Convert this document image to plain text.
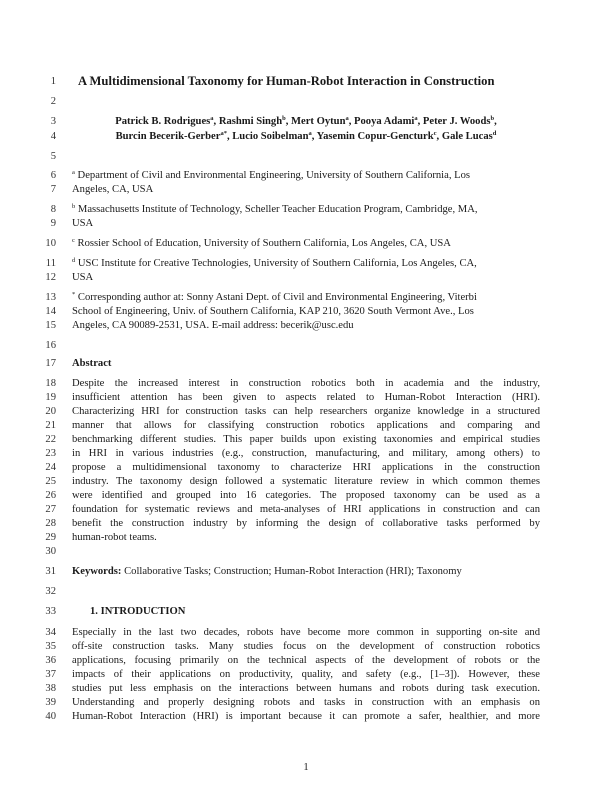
1
2
3
4
5
6
7
8
9
10
11
12
13
14
15
16
17
18
19
20
21
22
23
24
25
26
27
28
29
30
31
32
33
34
35
36
37
38
39
40
A Multidimensional Taxonomy for Human-Robot Interaction in Construction
Patrick B. Rodrigues$^a$, Rashmi Singh$^b$, Mert Oytun$^a$, Pooya Adami$^a$, Peter J. Woods$^b$,
Burcin Becerik-Gerber$^{a*}$, Lucio Soibelman$^a$, Yasemin Copur-Gencturk$^c$, Gale Lucas$^d$
$^a$ Department of Civil and Environmental Engineering, University of Southern California, Los
Angeles, CA, USA
$^b$ Massachusetts Institute of Technology, Scheller Teacher Education Program, Cambridge, MA,
USA
$^c$ Rossier School of Education, University of Southern California, Los Angeles, CA, USA
$^d$ USC Institute for Creative Technologies, University of Southern California, Los Angeles, CA,
USA
* Corresponding author at: Sonny Astani Dept. of Civil and Environmental Engineering, Viterbi
School of Engineering, Univ. of Southern California, KAP 210, 3620 South Vermont Ave., Los
Angeles, CA 90089-2531, USA. E-mail address: becerik@usc.edu
Abstract
Despite the increased interest in construction robotics both in academia and the industry,
insufficient attention has been given to aspects related to Human-Robot Interaction (HRI).
Characterizing HRI for construction tasks can help researchers organize knowledge in a structured
manner that allows for classifying construction robotics applications and comparing and
benchmarking different studies. This paper builds upon existing taxonomies and empirical studies
in HRI in various industries (e.g., construction, manufacturing, and military, among others) to
propose a multidimensional taxonomy to characterize HRI applications in the construction
industry. The taxonomy design followed a systematic literature review in which common themes
were identified and grouped into 16 categories. The proposed taxonomy can be used as a
foundation for systematic reviews and meta-analyses of HRI applications in construction and can
benefit the construction industry by informing the design of collaborative tasks performed by
human-robot teams.
Keywords: Collaborative Tasks; Construction; Human-Robot Interaction (HRI); Taxonomy
1. INTRODUCTION
Especially in the last two decades, robots have become more common in supporting on-site and
off-site construction tasks. Many studies focus on the development of construction robotics
applications, focusing primarily on the technical aspects of the development of robots or the
impacts of their applications on productivity, quality, and safety (e.g., [1–3]). However, these
studies put less emphasis on the interactions between humans and robots during task execution.
Understanding and properly designing robots and tasks in construction with an emphasis on
Human-Robot Interaction (HRI) is important because it can promote a safer, healthier, and more
1
